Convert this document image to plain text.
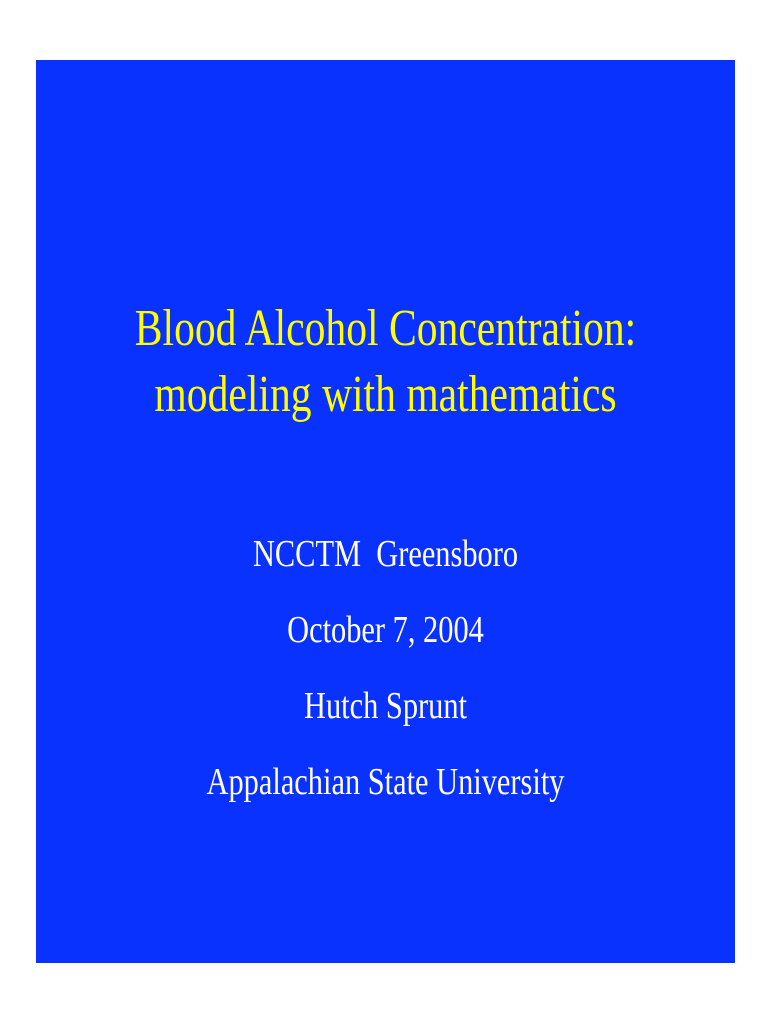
Blood Alcohol Concentration:
modeling with mathematics
NCCTM  Greensboro
October 7, 2004
Hutch Sprunt
Appalachian State University
